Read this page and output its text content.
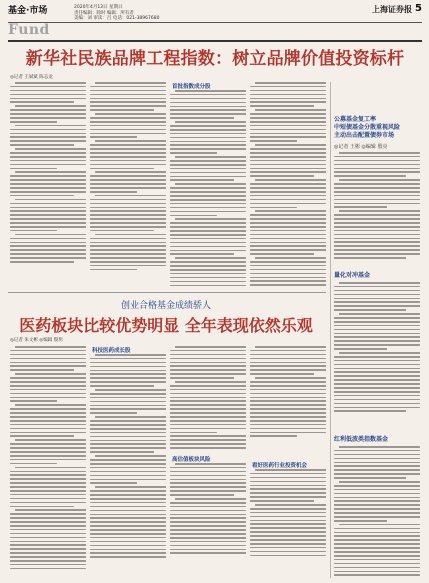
基金·市场	2020年4月13日 星期日
责任编辑：除时 编辑：所有者
美编：刘 审读：吕 电话：021-38967680
上海证券报 5
Fund
新华社民族品牌工程指数：树立品牌价值投资标杆
◎记者 王斌斌 陈志龙
首批指数成分股
创业合格基金成绩骄人
医药板块比较优势明显 全年表现依然乐观
◎记者 朱文彬 ◎编辑 殷玥
科技医药成长股
高估值板块风险
看好医药行业投资机会
公募基金复工率
中短债基金分散重视风险
主动出击配置债券市场
◎记者 王彬 ◎编辑 殷亮
量化对冲基金
红利低波类指数基金
